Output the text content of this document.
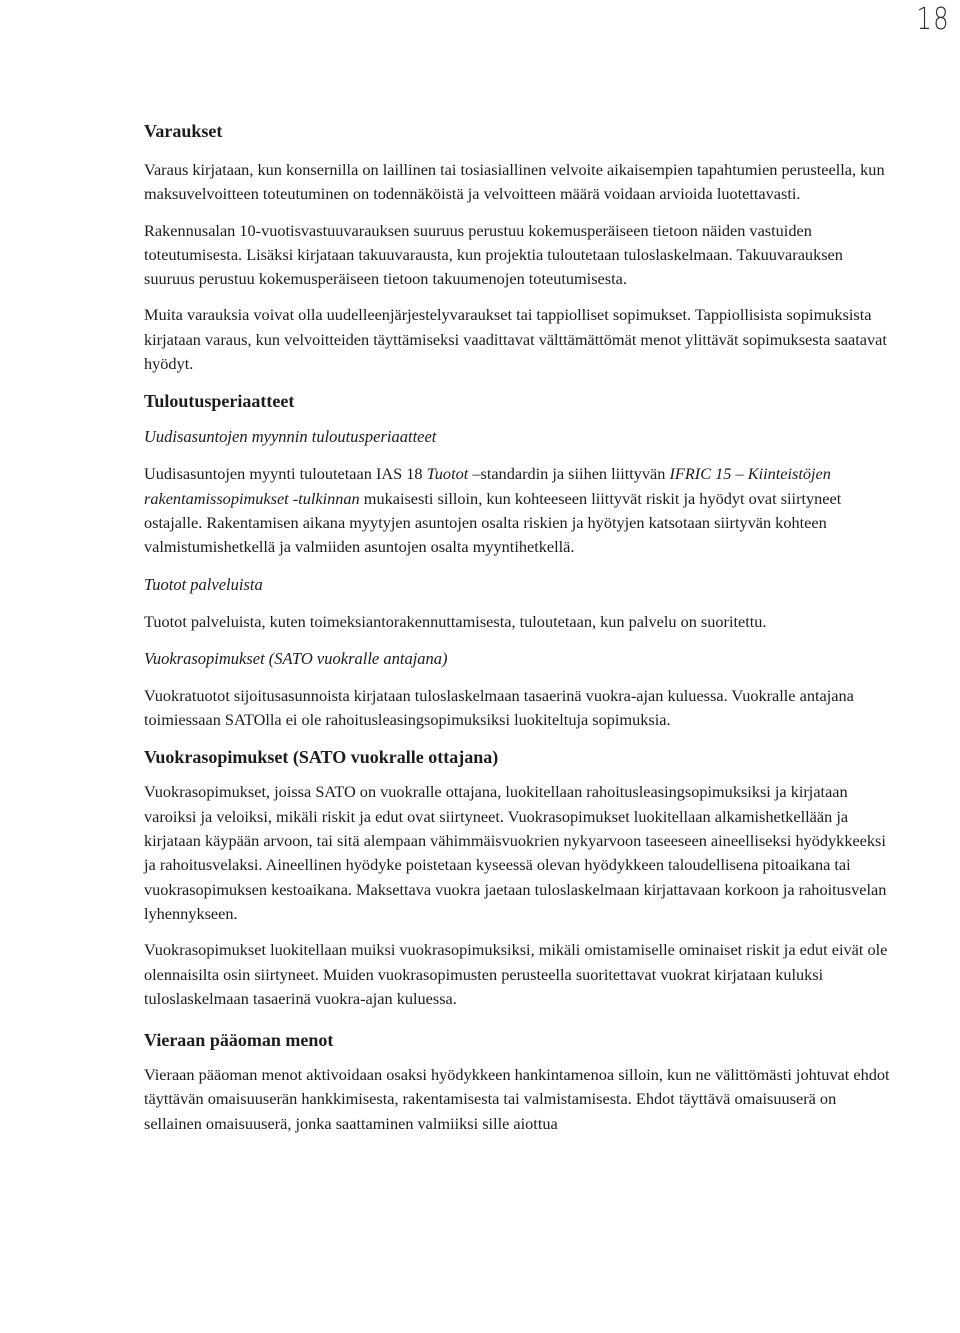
18
Varaukset

Varaus kirjataan, kun konsernilla on laillinen tai tosiasiallinen velvoite aikaisempien tapahtumien perusteella, kun maksuvelvoitteen toteutuminen on todennäköistä ja velvoitteen määrä voidaan arvioida luotettavasti.

Rakennusalan 10-vuotisvastuuvarauksen suuruus perustuu kokemusperäiseen tietoon näiden vastuiden toteutumisesta. Lisäksi kirjataan takuuvarausta, kun projektia tuloutetaan tuloslaskelmaan. Takuuvarauksen suuruus perustuu kokemusperäiseen tietoon takuumenojen toteutumisesta.

Muita varauksia voivat olla uudelleenjärjestelyvaraukset tai tappiolliset sopimukset. Tappiollisista sopimuksista kirjataan varaus, kun velvoitteiden täyttämiseksi vaadittavat välttämättömät menot ylittävät sopimuksesta saatavat hyödyt.

Tuloutusperiaatteet
Uudisasuntojen myynnin tuloutusperiaatteet

Uudisasuntojen myynti tuloutetaan IAS 18 Tuotot –standardin ja siihen liittyvän IFRIC 15 – Kiinteistöjen rakentamissopimukset -tulkinnan mukaisesti silloin, kun kohteeseen liittyvät riskit ja hyödyt ovat siirtyneet ostajalle. Rakentamisen aikana myytyjen asuntojen osalta riskien ja hyötyjen katsotaan siirtyvän kohteen valmistumishetkellä ja valmiiden asuntojen osalta myyntihetkellä.

Tuotot palveluista

Tuotot palveluista, kuten toimeksiantorakennuttamisesta, tuloutetaan, kun palvelu on suoritettu.

Vuokrasopimukset (SATO vuokralle antajana)

Vuokratuotot sijoitusasunnoista kirjataan tuloslaskelmaan tasaerinä vuokra-ajan kuluessa. Vuokralle antajana toimiessaan SATOlla ei ole rahoitusleasingsopimuksiksi luokiteltuja sopimuksia.

Vuokrasopimukset (SATO vuokralle ottajana)

Vuokrasopimukset, joissa SATO on vuokralle ottajana, luokitellaan rahoitusleasingsopimuksiksi ja kirjataan varoiksi ja veloiksi, mikäli riskit ja edut ovat siirtyneet. Vuokrasopimukset luokitellaan alkamishetkellään ja kirjataan käypään arvoon, tai sitä alempaan vähimmäisvuokrien nykyarvoon taseeseen aineelliseksi hyödykkeeksi ja rahoitusvelaksi. Aineellinen hyödyke poistetaan kyseessä olevan hyödykkeen taloudellisena pitoaikana tai vuokrasopimuksen kestoaikana. Maksettava vuokra jaetaan tuloslaskelmaan kirjattavaan korkoon ja rahoitusvelan lyhennykseen.

Vuokrasopimukset luokitellaan muiksi vuokrasopimuksiksi, mikäli omistamiselle ominaiset riskit ja edut eivät ole olennaisilta osin siirtyneet. Muiden vuokrasopimusten perusteella suoritettavat vuokrat kirjataan kuluksi tuloslaskelmaan tasaerinä vuokra-ajan kuluessa.

Vieraan pääoman menot

Vieraan pääoman menot aktivoidaan osaksi hyödykkeen hankintamenoa silloin, kun ne välittömästi johtuvat ehdot täyttävän omaisuuserän hankkimisesta, rakentamisesta tai valmistamisesta. Ehdot täyttävä omaisuuserä on sellainen omaisuuserä, jonka saattaminen valmiiksi sille aiottua
